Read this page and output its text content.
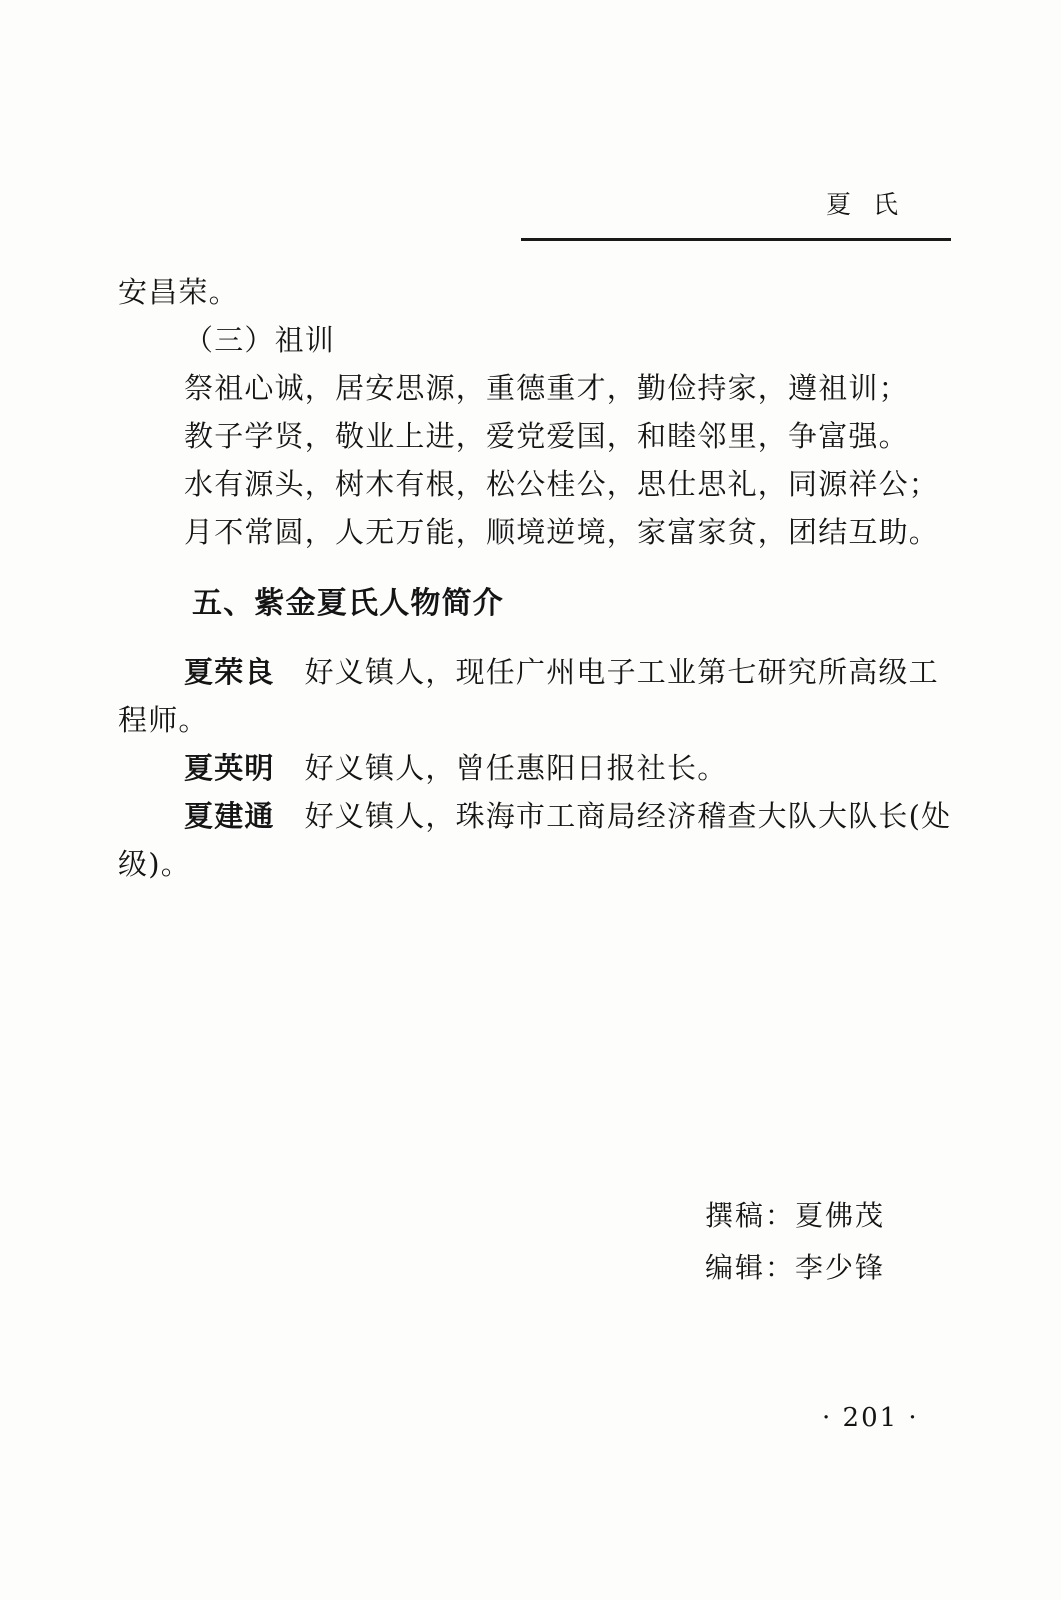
夏氏

安昌荣。

（三）祖训

祭祖心诚，居安思源，重德重才，勤俭持家，遵祖训；

教子学贤，敬业上进，爱党爱国，和睦邻里，争富强。

水有源头，树木有根，松公桂公，思仕思礼，同源祥公；

月不常圆，人无万能，顺境逆境，家富家贫，团结互助。

五、紫金夏氏人物简介

夏荣良 好义镇人，现任广州电子工业第七研究所高级工程师。

夏英明 好义镇人，曾任惠阳日报社长。

夏建通 好义镇人，珠海市工商局经济稽查大队大队长(处级)。

撰稿：夏佛茂
编辑：李少锋
· 201 ·
